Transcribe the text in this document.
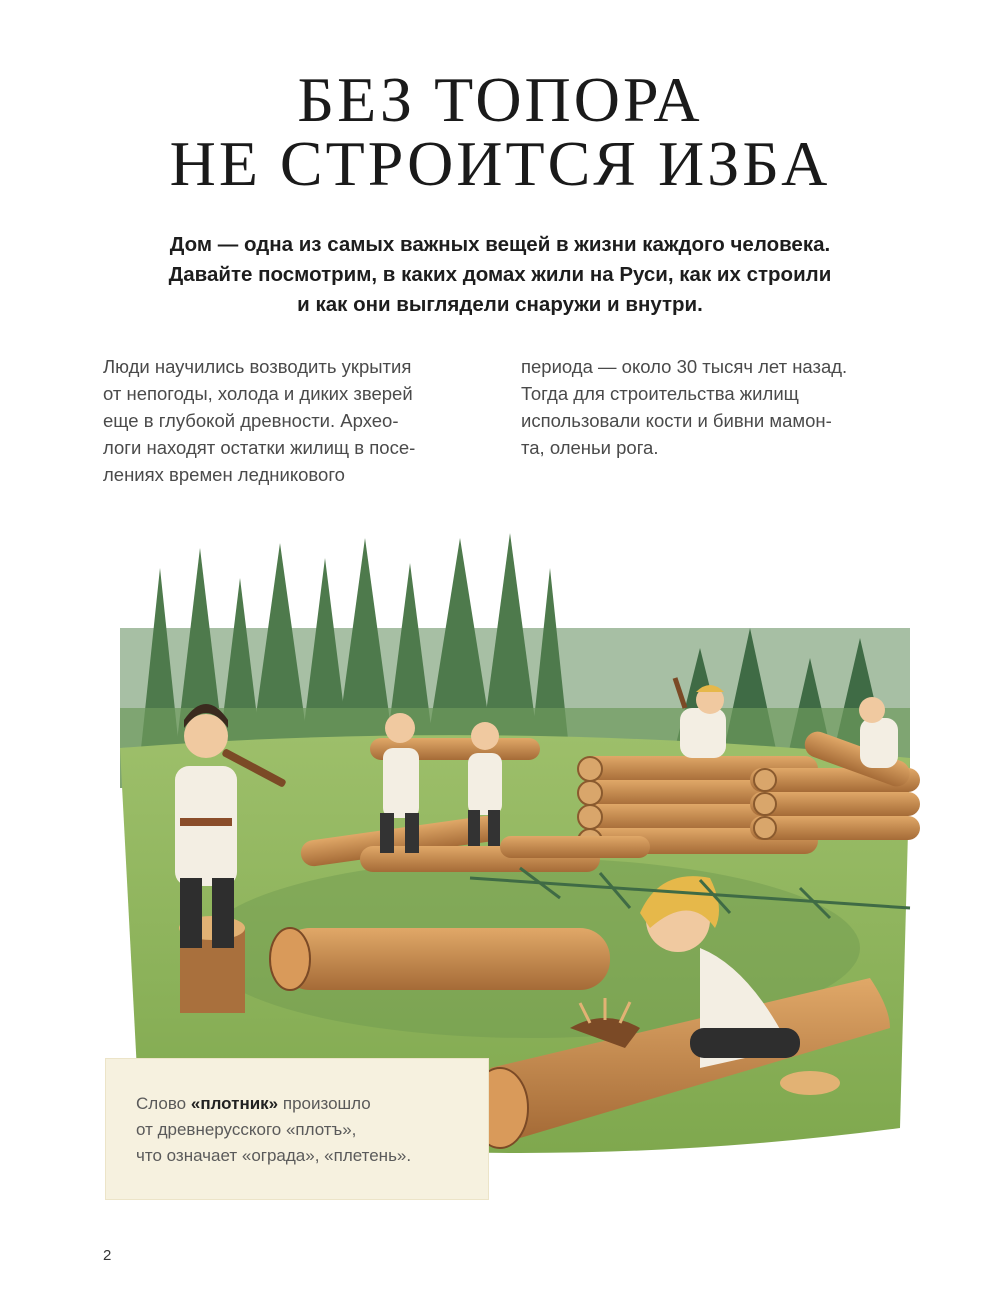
БЕЗ ТОПОРА
НЕ СТРОИТСЯ ИЗБА
Дом — одна из самых важных вещей в жизни каждого человека.
Давайте посмотрим, в каких домах жили на Руси, как их строили
и как они выглядели снаружи и внутри.
Люди научились возводить укрытия
от непогоды, холода и диких зверей
еще в глубокой древности. Архео-
логи находят остатки жилищ в посе-
лениях времен ледникового
периода — около 30 тысяч лет назад.
Тогда для строительства жилищ
использовали кости и бивни мамон-
та, оленьи рога.
Слово «плотник» произошло
от древнерусского «плотъ»,
что означает «ограда», «плетень».
2
